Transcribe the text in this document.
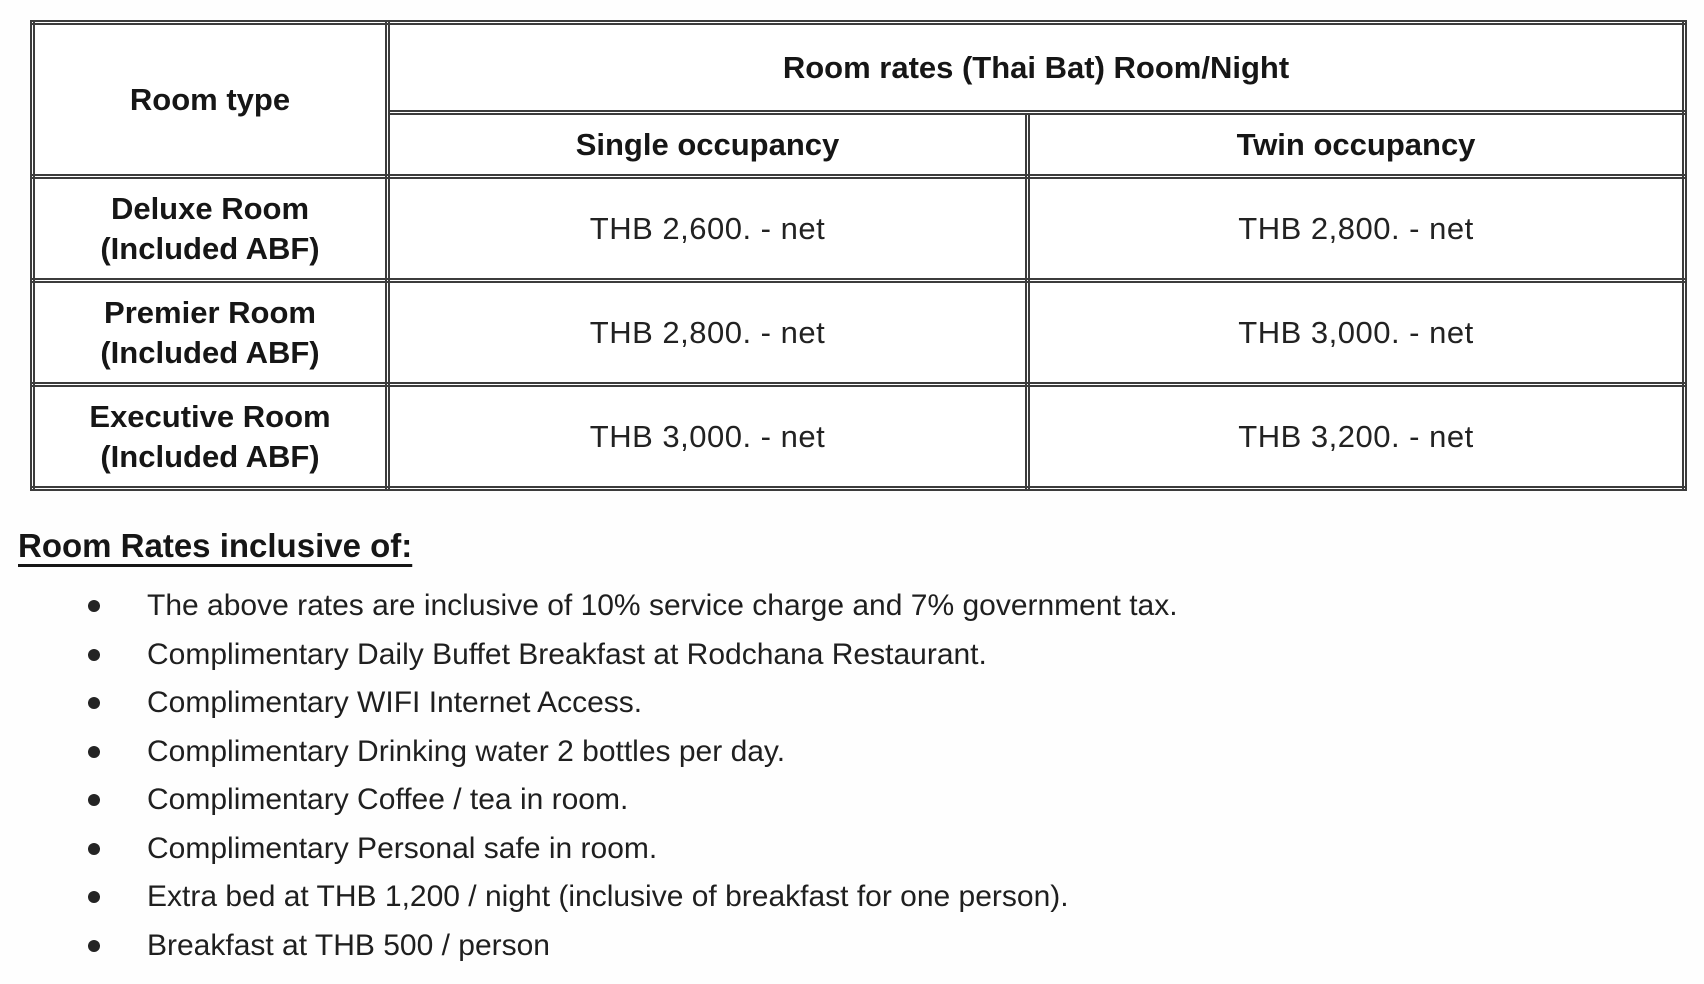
Room type	Room rates (Thai Bat) Room/Night	
	Single occupancy	Twin occupancy

Deluxe Room
(Included ABF)	THB 2,600. - net	THB 2,800. - net

Premier Room
(Included ABF)	THB 2,800. - net	THB 3,000. - net

Executive Room
(Included ABF)	THB 3,000. - net	THB 3,200. - net
Room Rates inclusive of:
The above rates are inclusive of 10% service charge and 7% government tax.
Complimentary Daily Buffet Breakfast at Rodchana Restaurant.
Complimentary WIFI Internet Access.
Complimentary Drinking water 2 bottles per day.
Complimentary Coffee / tea in room.
Complimentary Personal safe in room.
Extra bed at THB 1,200 / night (inclusive of breakfast for one person).
Breakfast at THB 500 / person
